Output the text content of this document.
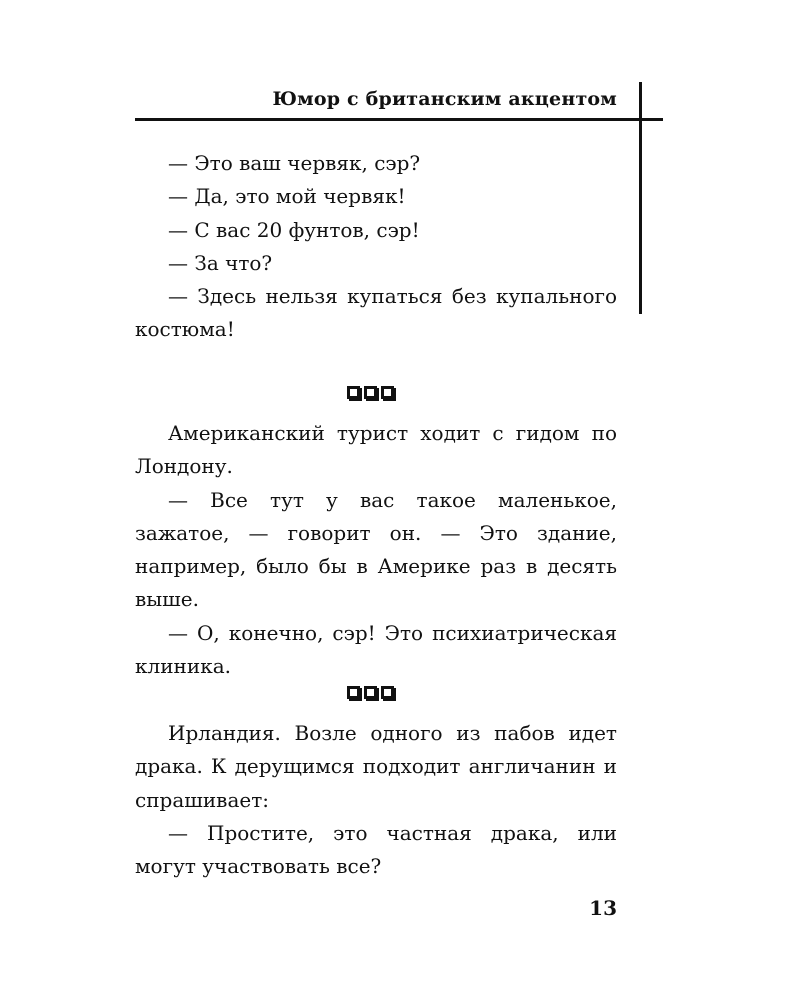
Юмор с британским акцентом

— Это ваш червяк, сэр?

— Да, это мой червяк!

— С вас 20 фунтов, сэр!

— За что?

— Здесь нельзя купаться без купального костюма!

Американский турист ходит с гидом по Лондону.

— Все тут у вас такое маленькое, зажатое, — говорит он. — Это здание, например, было бы в Америке раз в десять выше.

— О, конечно, сэр! Это психиатрическая клиника.

Ирландия. Возле одного из пабов идет драка. К дерущимся подходит англичанин и спрашивает:

— Простите, это частная драка, или могут участвовать все?

13
